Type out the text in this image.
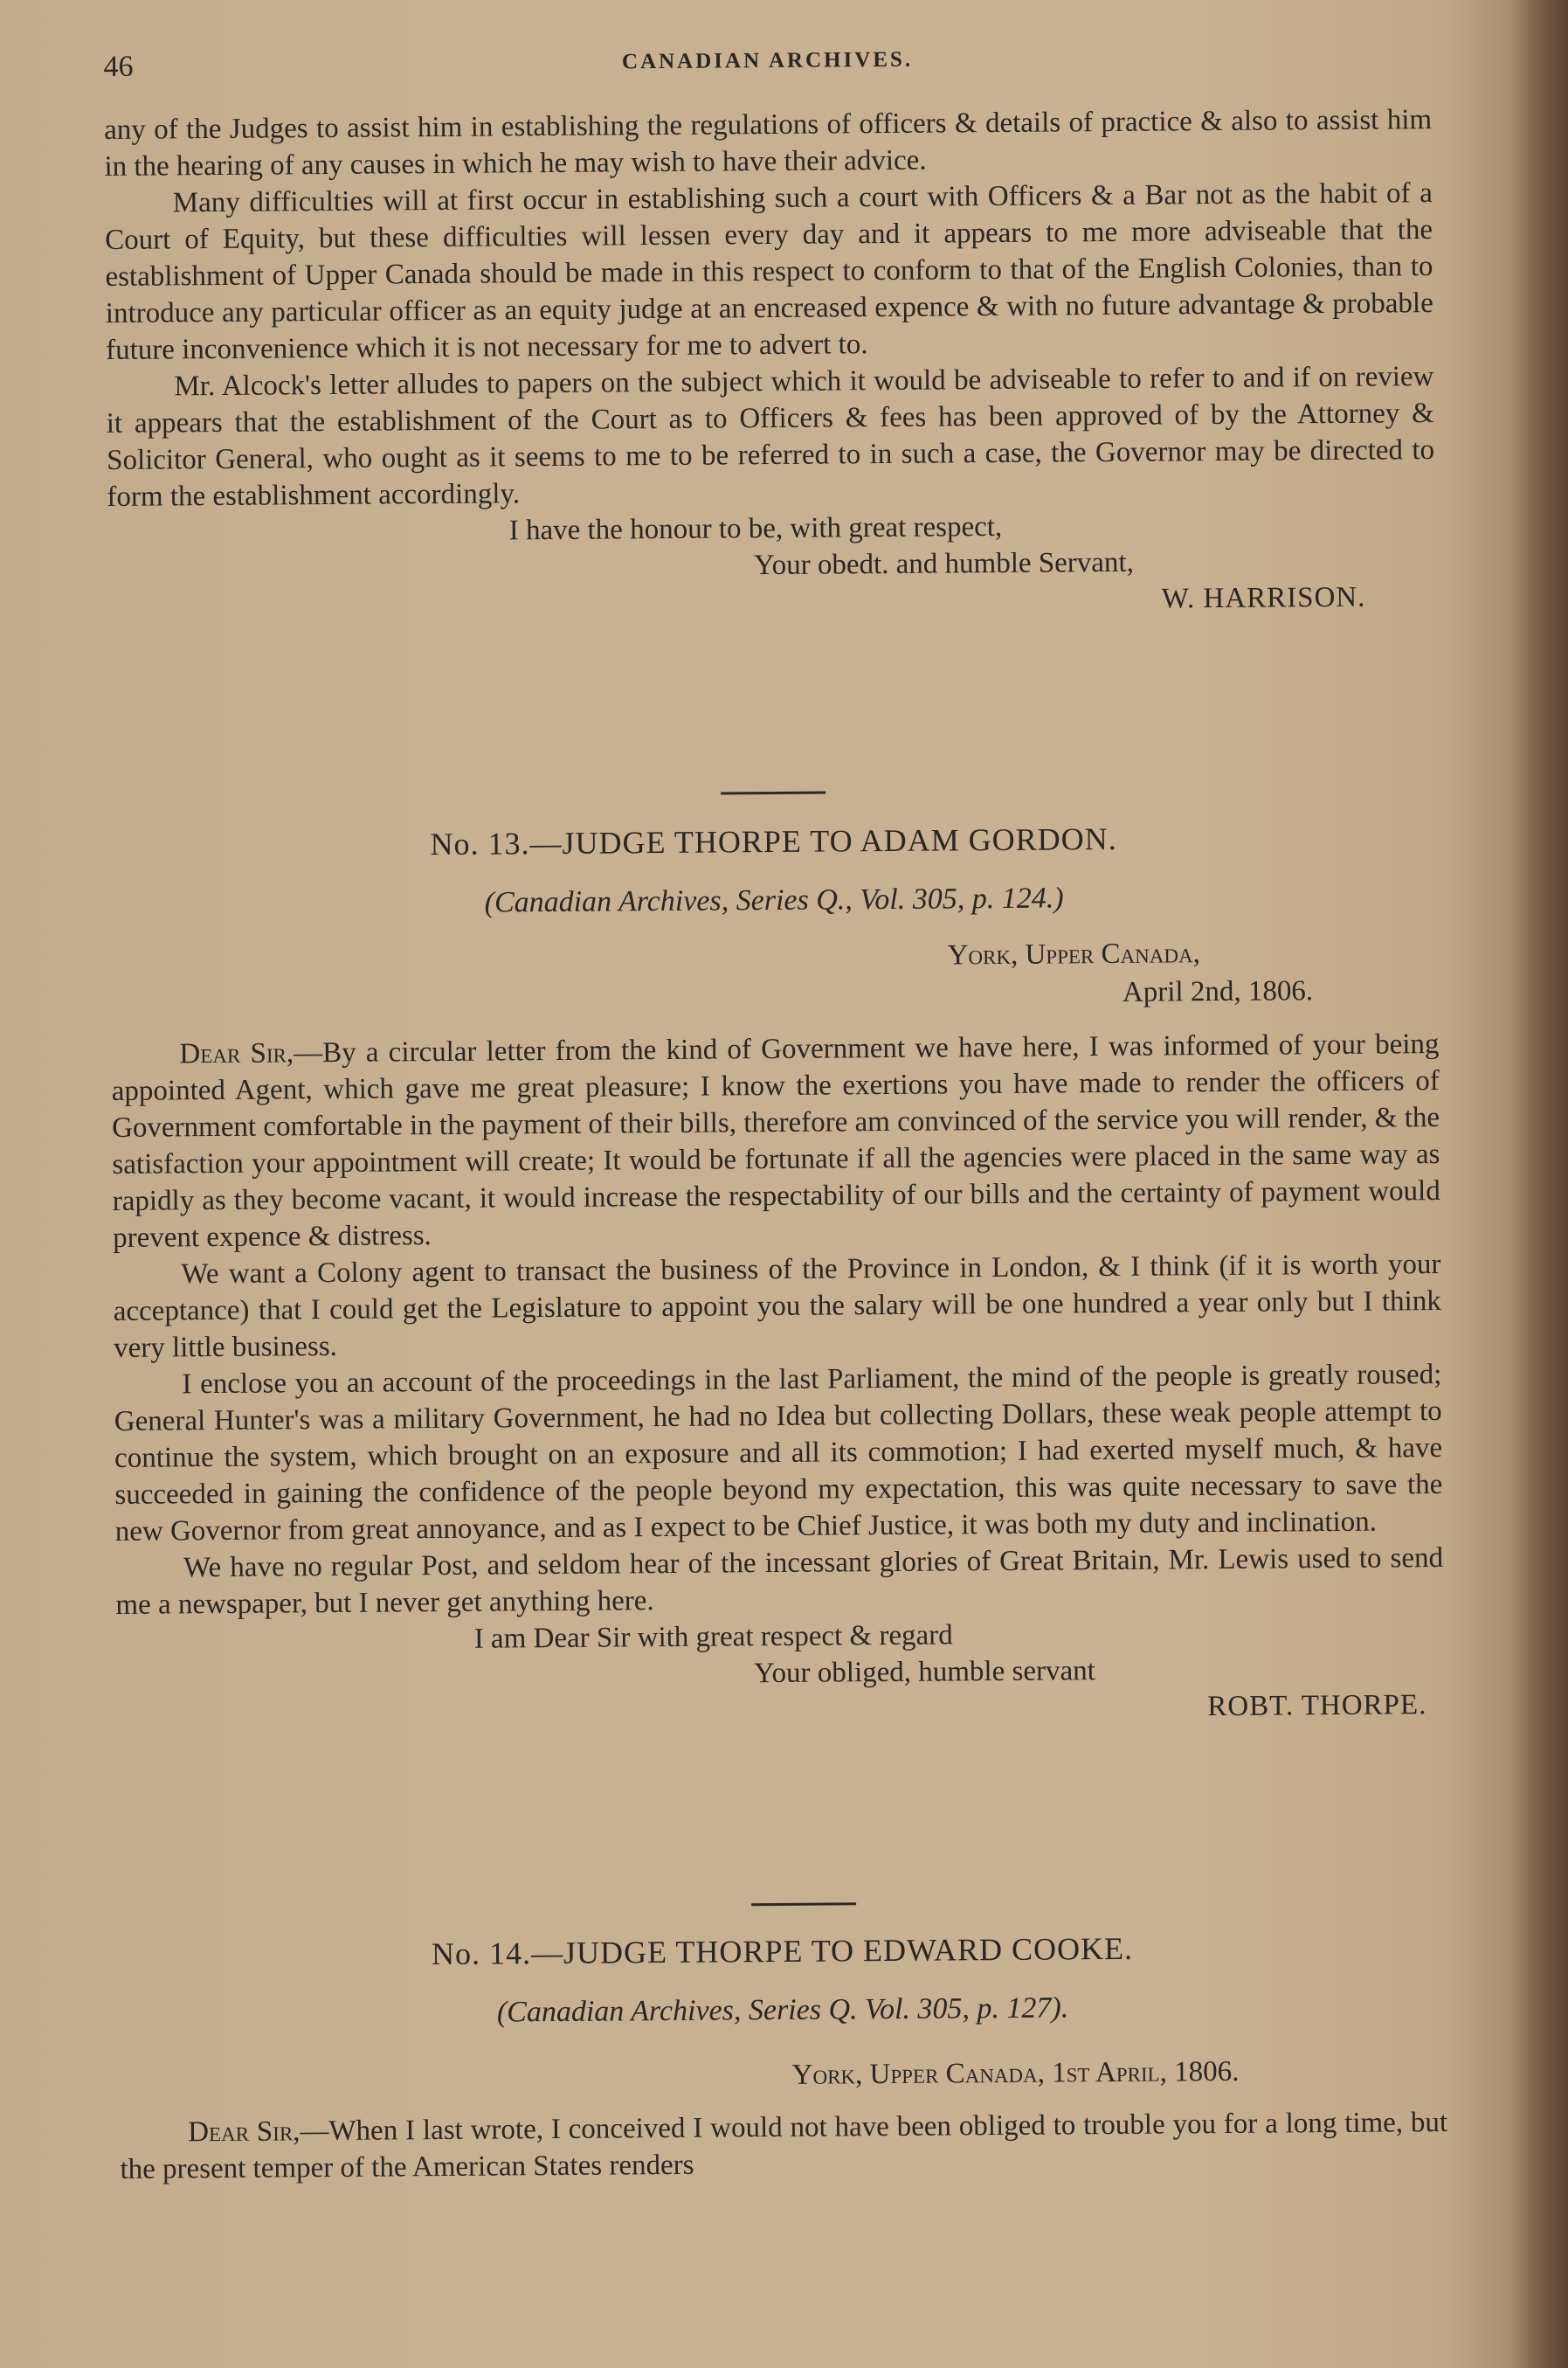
46	CANADIAN ARCHIVES.

any of the Judges to assist him in establishing the regulations of officers & details of practice & also to assist him in the hearing of any causes in which he may wish to have their advice.

Many difficulties will at first occur in establishing such a court with Officers & a Bar not as the habit of a Court of Equity, but these difficulties will lessen every day and it appears to me more adviseable that the establishment of Upper Canada should be made in this respect to conform to that of the English Colonies, than to introduce any particular officer as an equity judge at an encreased expence & with no future advantage & probable future inconvenience which it is not necessary for me to advert to.

Mr. Alcock's letter alludes to papers on the subject which it would be adviseable to refer to and if on review it appears that the establishment of the Court as to Officers & fees has been approved of by the Attorney & Solicitor General, who ought as it seems to me to be referred to in such a case, the Governor may be directed to form the establishment accordingly.

I have the honour to be, with great respect,
Your obedt. and humble Servant,
W. HARRISON.
No. 13.—JUDGE THORPE TO ADAM GORDON.
(Canadian Archives, Series Q., Vol. 305, p. 124.)
York, Upper Canada,
April 2nd, 1806.

Dear Sir,—By a circular letter from the kind of Government we have here, I was informed of your being appointed Agent, which gave me great pleasure; I know the exertions you have made to render the officers of Government comfortable in the payment of their bills, therefore am convinced of the service you will render, & the satisfaction your appointment will create; It would be fortunate if all the agencies were placed in the same way as rapidly as they become vacant, it would increase the respectability of our bills and the certainty of payment would prevent expence & distress.

We want a Colony agent to transact the business of the Province in London, & I think (if it is worth your acceptance) that I could get the Legislature to appoint you the salary will be one hundred a year only but I think very little business.

I enclose you an account of the proceedings in the last Parliament, the mind of the people is greatly roused; General Hunter's was a military Government, he had no Idea but collecting Dollars, these weak people attempt to continue the system, which brought on an exposure and all its commotion; I had exerted myself much, & have succeeded in gaining the confidence of the people beyond my expectation, this was quite necessary to save the new Governor from great annoyance, and as I expect to be Chief Justice, it was both my duty and inclination.

We have no regular Post, and seldom hear of the incessant glories of Great Britain, Mr. Lewis used to send me a newspaper, but I never get anything here.

I am Dear Sir with great respect & regard
Your obliged, humble servant
ROBT. THORPE.
No. 14.—JUDGE THORPE TO EDWARD COOKE.
(Canadian Archives, Series Q. Vol. 305, p. 127).
York, Upper Canada, 1st April, 1806.

Dear Sir,—When I last wrote, I conceived I would not have been obliged to trouble you for a long time, but the present temper of the American States renders
